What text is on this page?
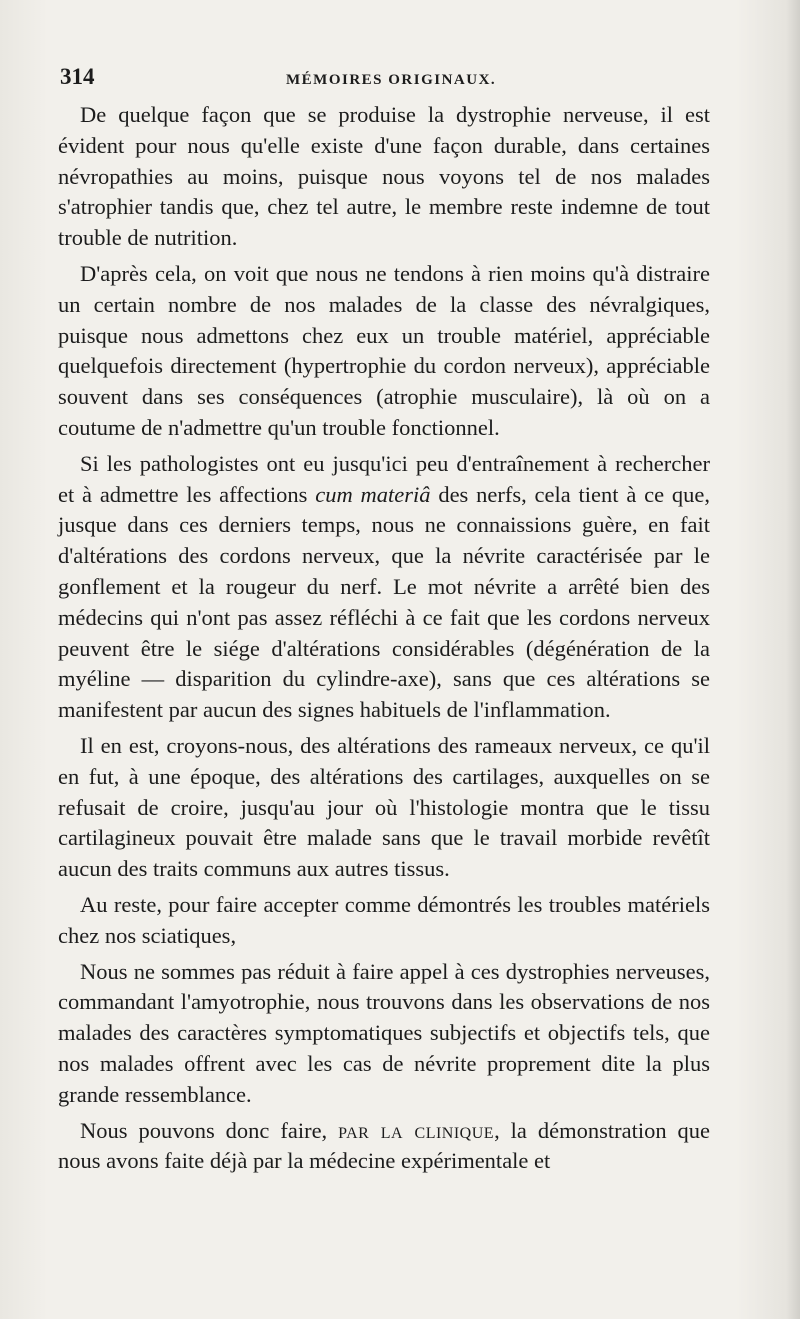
314	MÉMOIRES ORIGINAUX.

De quelque façon que se produise la dystrophie nerveuse, il est évident pour nous qu'elle existe d'une façon durable, dans certaines névropathies au moins, puisque nous voyons tel de nos malades s'atrophier tandis que, chez tel autre, le membre reste indemne de tout trouble de nutrition.

D'après cela, on voit que nous ne tendons à rien moins qu'à distraire un certain nombre de nos malades de la classe des névralgiques, puisque nous admettons chez eux un trouble matériel, appréciable quelquefois directement (hypertrophie du cordon nerveux), appréciable souvent dans ses conséquences (atrophie musculaire), là où on a coutume de n'admettre qu'un trouble fonctionnel.

Si les pathologistes ont eu jusqu'ici peu d'entraînement à rechercher et à admettre les affections cum materiâ des nerfs, cela tient à ce que, jusque dans ces derniers temps, nous ne connaissions guère, en fait d'altérations des cordons nerveux, que la névrite caractérisée par le gonflement et la rougeur du nerf. Le mot névrite a arrêté bien des médecins qui n'ont pas assez réfléchi à ce fait que les cordons nerveux peuvent être le siége d'altérations considérables (dégénération de la myéline — disparition du cylindre-axe), sans que ces altérations se manifestent par aucun des signes habituels de l'inflammation.

Il en est, croyons-nous, des altérations des rameaux nerveux, ce qu'il en fut, à une époque, des altérations des cartilages, auxquelles on se refusait de croire, jusqu'au jour où l'histologie montra que le tissu cartilagineux pouvait être malade sans que le travail morbide revêtît aucun des traits communs aux autres tissus.

Au reste, pour faire accepter comme démontrés les troubles matériels chez nos sciatiques,

Nous ne sommes pas réduit à faire appel à ces dystrophies nerveuses, commandant l'amyotrophie, nous trouvons dans les observations de nos malades des caractères symptomatiques subjectifs et objectifs tels, que nos malades offrent avec les cas de névrite proprement dite la plus grande ressemblance.

Nous pouvons donc faire, par la clinique, la démonstration que nous avons faite déjà par la médecine expérimentale et
